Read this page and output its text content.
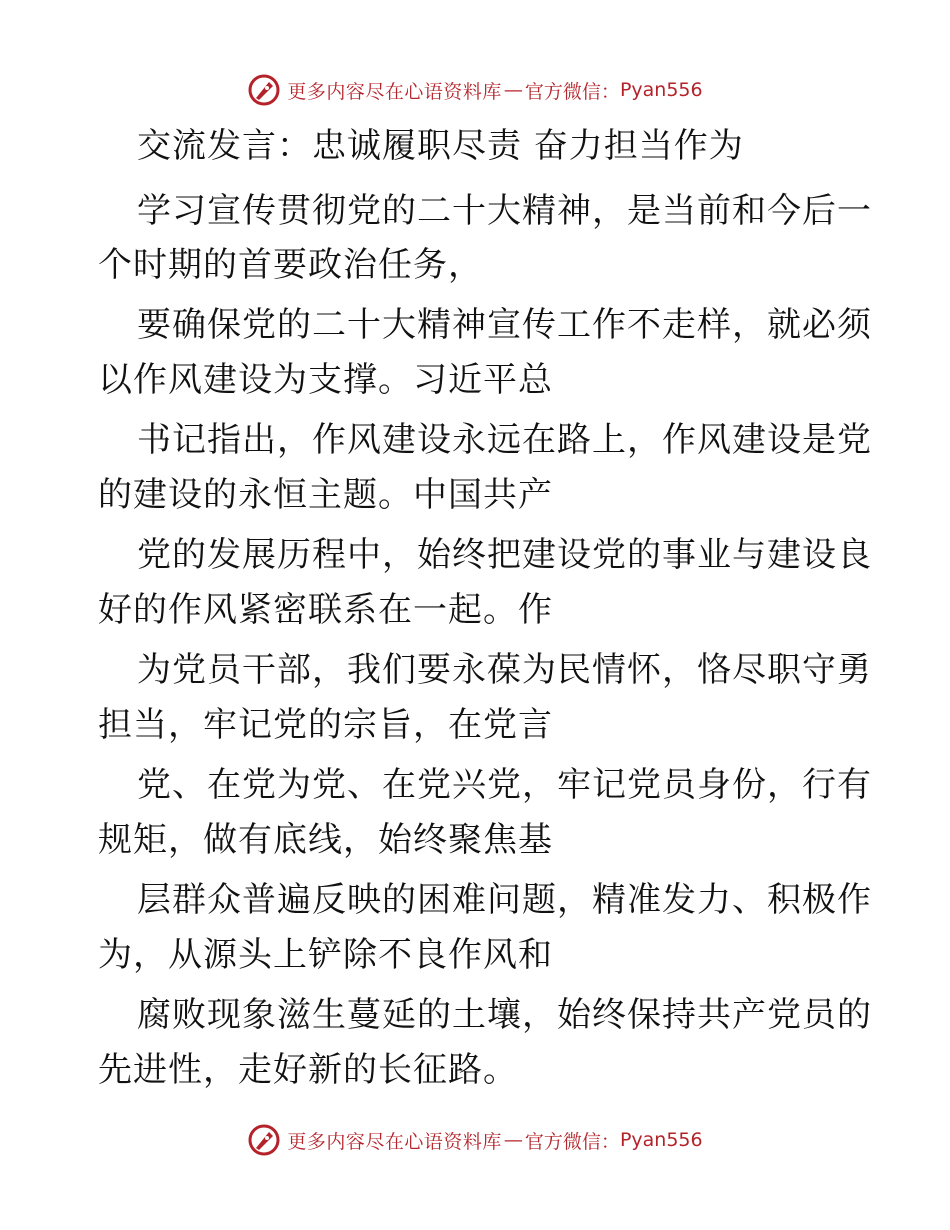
更多内容尽在心语资料库 — 官方微信： Pyan556
交流发言：忠诚履职尽责 奋力担当作为
学习宣传贯彻党的二十大精神，是当前和今后一
个时期的首要政治任务，
要确保党的二十大精神宣传工作不走样，就必须
以作风建设为支撑。习近平总
书记指出，作风建设永远在路上，作风建设是党
的建设的永恒主题。中国共产
党的发展历程中，始终把建设党的事业与建设良
好的作风紧密联系在一起。作
为党员干部，我们要永葆为民情怀，恪尽职守勇
担当，牢记党的宗旨，在党言
党、在党为党、在党兴党，牢记党员身份，行有
规矩，做有底线，始终聚焦基
层群众普遍反映的困难问题，精准发力、积极作
为，从源头上铲除不良作风和
腐败现象滋生蔓延的土壤，始终保持共产党员的
先进性，走好新的长征路。
更多内容尽在心语资料库 — 官方微信： Pyan556
